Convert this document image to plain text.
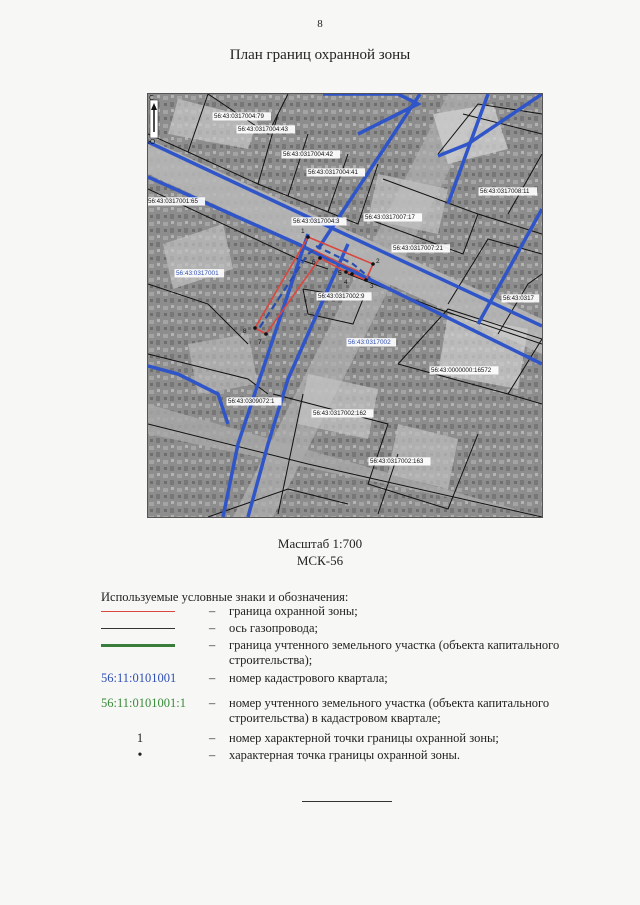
8
План границ охранной зоны
С
Ю
56:43:0317001
56:43:0317002
56:43:0317004:79
56:43:0317004:43
56:43:0317004:42
56:43:0317004:41
56:43:0317001:65
56:43:0317004:3
56:43:0317007:17
56:43:0317007:21
56:43:0317008:11
56:43:0317002:9	56:43:0317
56:43:0000000:16572
56:43:0309072:1
56:43:0317002:162
56:43:0317002:163
1
2
3
4
5
6
7
8
Масштаб 1:700
МСК-56
Используемые условные знаки и обозначения:
– граница охранной зоны;
– ось газопровода;
– граница учтенного земельного участка (объекта капитального строительства);
56:11:0101001	– номер кадастрового квартала;
56:11:0101001:1 – номер учтенного земельного участка (объекта капитального строительства) в кадастровом квартале;
1	– номер характерной точки границы охранной зоны;
•	– характерная точка границы охранной зоны.
